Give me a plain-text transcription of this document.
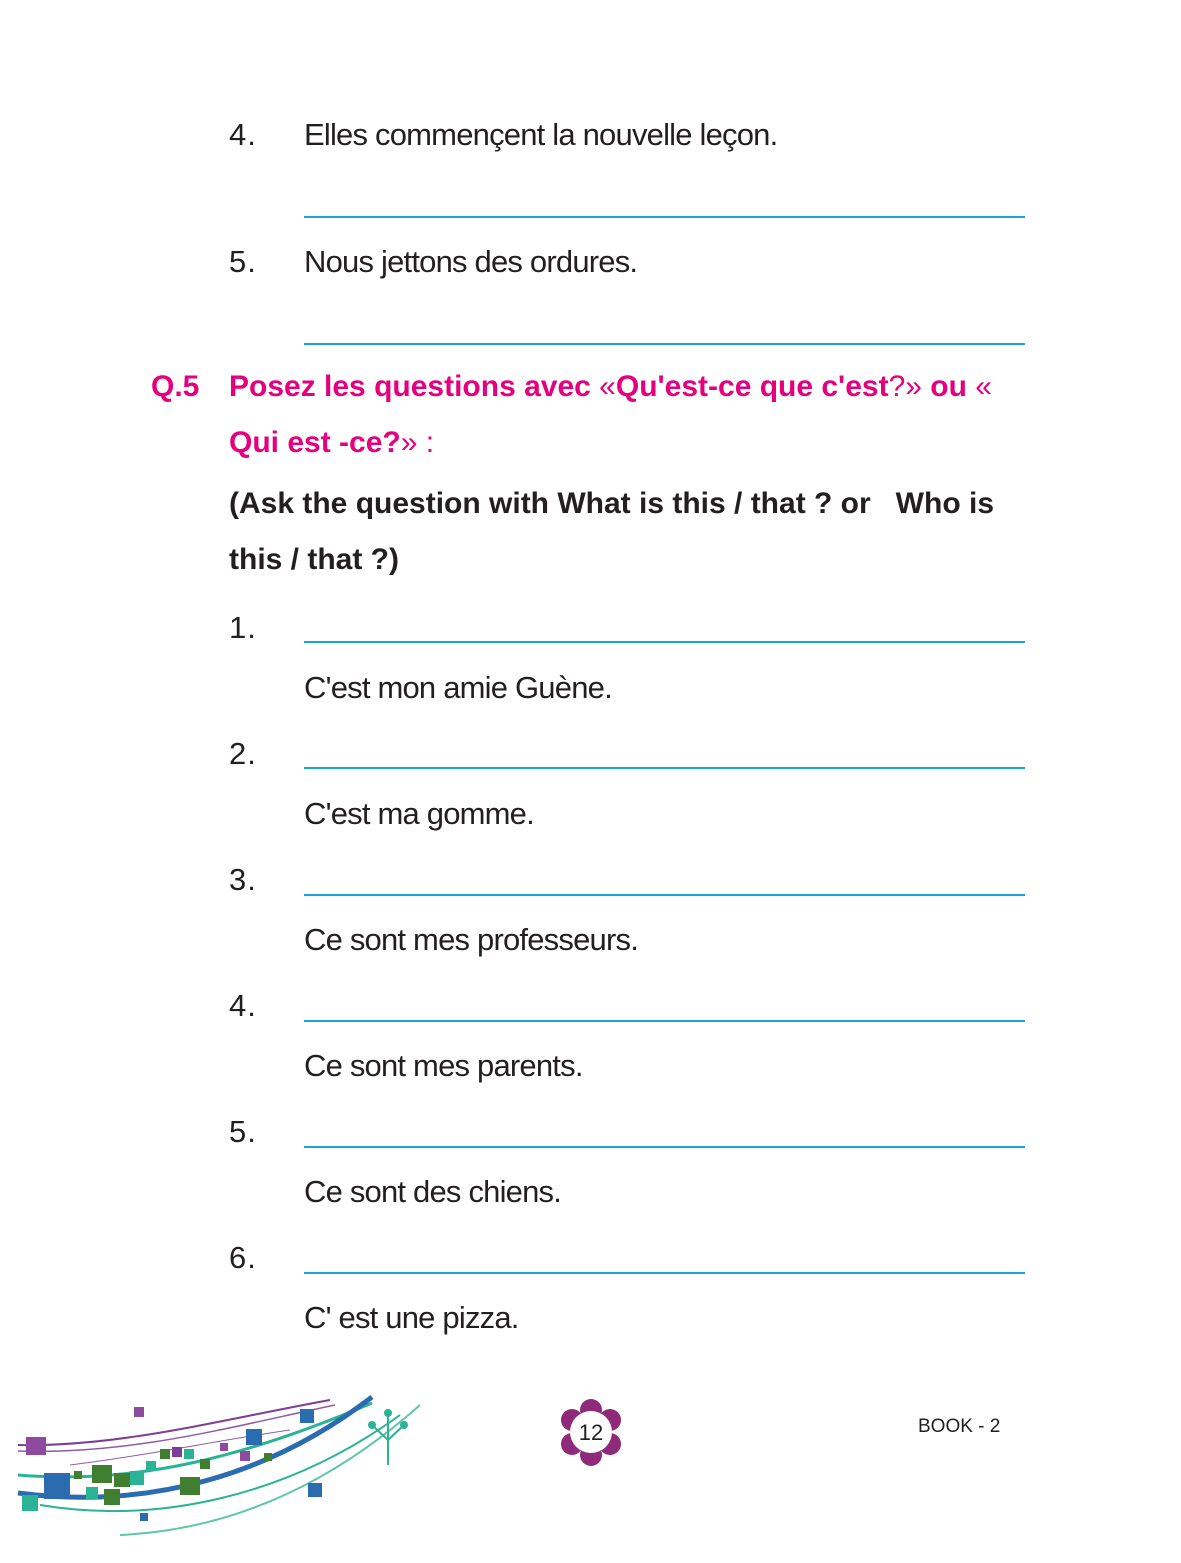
4. Elles commençent la nouvelle leçon.
5. Nous jettons des ordures.
Q.5 Posez les questions avec «Qu'est-ce que c'est?» ou «
Qui est -ce?» :
(Ask the question with What is this / that ? or   Who is
this / that ?)
1.
C'est mon amie Guène.
2.
C'est ma gomme.
3.
Ce sont mes professeurs.
4.
Ce sont mes parents.
5.
Ce sont des chiens.
6.
C' est une pizza.
12	BOOK - 2
